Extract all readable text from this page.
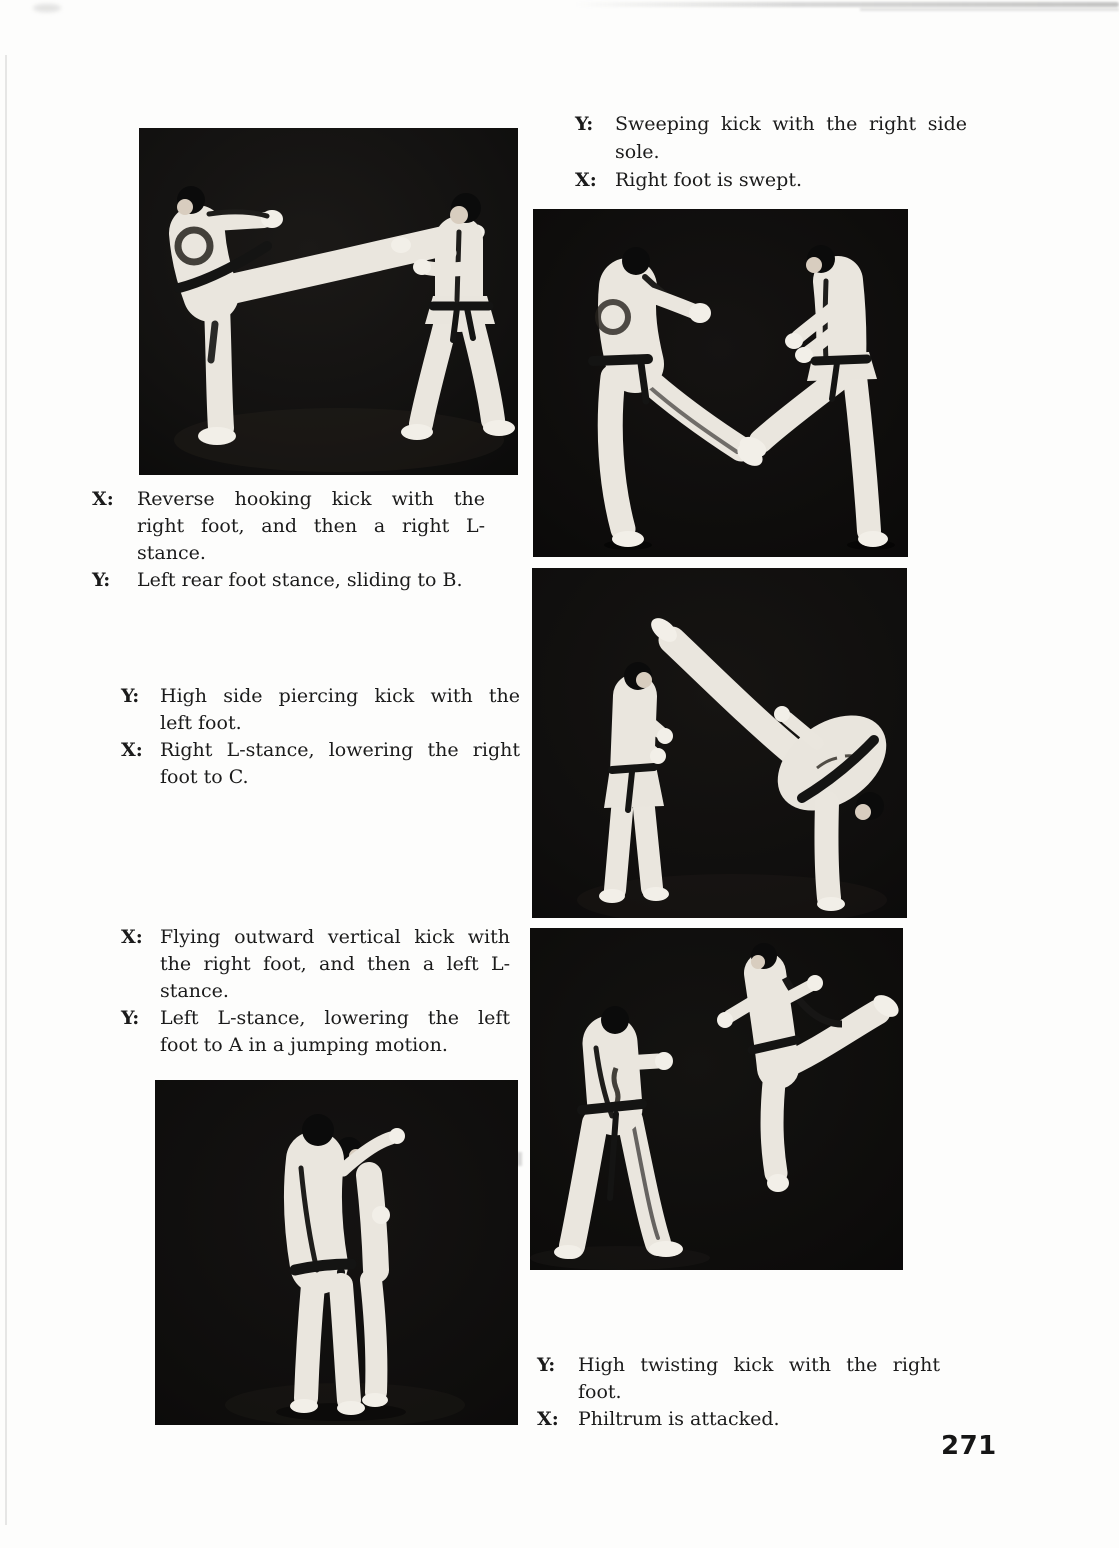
Y:	Sweeping kick with the right side
sole.
X: Right foot is swept.
X:	Reverse hooking kick with the
right foot, and then a right L-
stance.
Y:	Left rear foot stance, sliding to B.
Y:	High side piercing kick with the
left foot.
X: Right L-stance, lowering the right
foot to C.
X: Flying outward vertical kick with
the right foot, and then a left L-
stance.
Y:	Left L-stance, lowering the left
foot to A in a jumping motion.
Y:	High twisting kick with the right
foot.
X:	Philtrum is attacked.
271
